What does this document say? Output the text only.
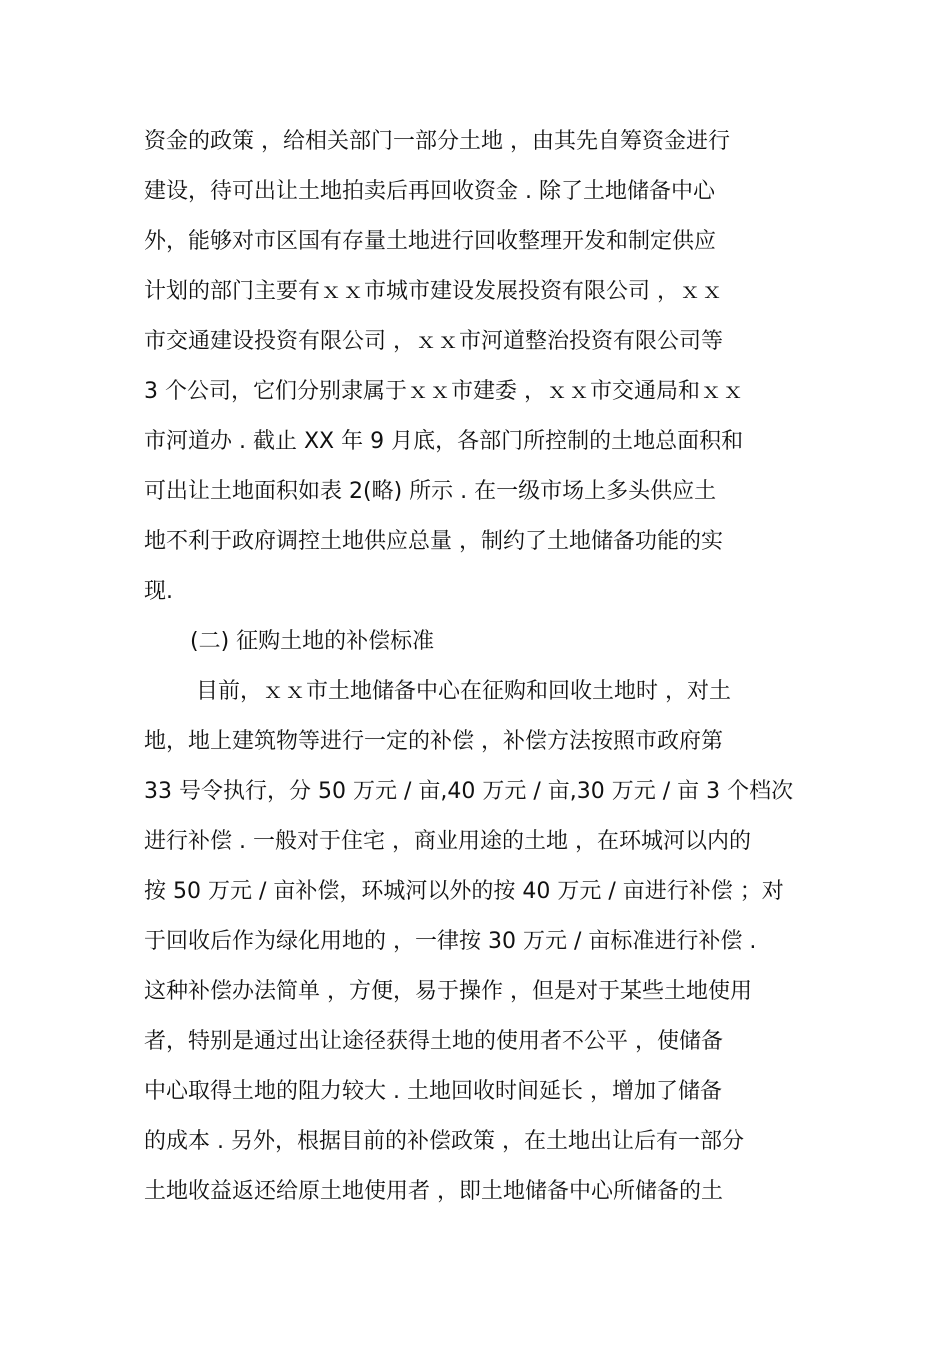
资金的政策 ，给相关部门一部分土地 ，由其先自筹资金进行
建设，待可出让土地拍卖后再回收资金 . 除了土地储备中心
外，能够对市区国有存量土地进行回收整理开发和制定供应
计划的部门主要有ｘｘ市城市建设发展投资有限公司 ，ｘｘ
市交通建设投资有限公司 ，ｘｘ市河道整治投资有限公司等
3 个公司，它们分别隶属于ｘｘ市建委 ，ｘｘ市交通局和ｘｘ
市河道办 . 截止 XX 年 9 月底，各部门所控制的土地总面积和
可出让土地面积如表 2(略) 所示 . 在一级市场上多头供应土
地不利于政府调控土地供应总量 ，制约了土地储备功能的实
现.
(二) 征购土地的补偿标准
目前，ｘｘ市土地储备中心在征购和回收土地时 ，对土
地，地上建筑物等进行一定的补偿 ，补偿方法按照市政府第
33 号令执行，分 50 万元 / 亩,40 万元 / 亩,30 万元 / 亩 3 个档次
进行补偿 . 一般对于住宅 ，商业用途的土地 ，在环城河以内的
按 50 万元 / 亩补偿，环城河以外的按 40 万元 / 亩进行补偿 ；对
于回收后作为绿化用地的 ，一律按 30 万元 / 亩标准进行补偿 .
这种补偿办法简单 ，方便，易于操作 ，但是对于某些土地使用
者，特别是通过出让途径获得土地的使用者不公平 ，使储备
中心取得土地的阻力较大 . 土地回收时间延长 ，增加了储备
的成本 . 另外，根据目前的补偿政策 ，在土地出让后有一部分
土地收益返还给原土地使用者 ，即土地储备中心所储备的土
